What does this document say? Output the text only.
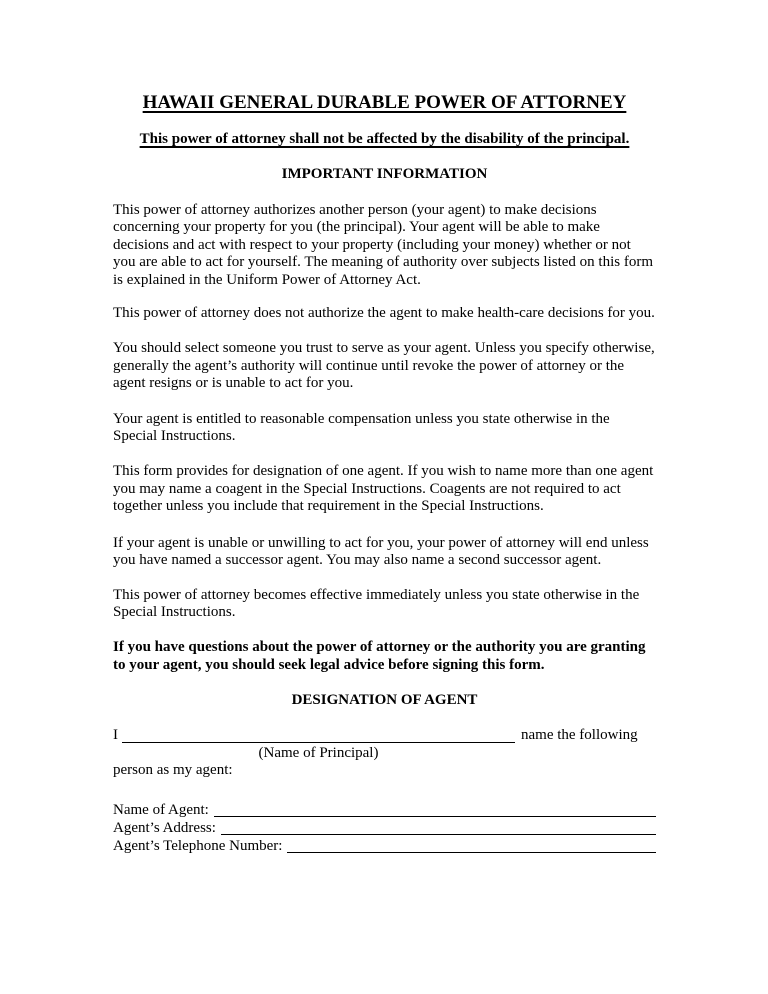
HAWAII GENERAL DURABLE POWER OF ATTORNEY
This power of attorney shall not be affected by the disability of the principal.
IMPORTANT INFORMATION

This power of attorney authorizes another person (your agent) to make decisions concerning your property for you (the principal). Your agent will be able to make decisions and act with respect to your property (including your money) whether or not you are able to act for yourself. The meaning of authority over subjects listed on this form is explained in the Uniform Power of Attorney Act.

This power of attorney does not authorize the agent to make health-care decisions for you.

You should select someone you trust to serve as your agent. Unless you specify otherwise, generally the agent’s authority will continue until revoke the power of attorney or the agent resigns or is unable to act for you.

Your agent is entitled to reasonable compensation unless you state otherwise in the Special Instructions.

This form provides for designation of one agent. If you wish to name more than one agent you may name a coagent in the Special Instructions. Coagents are not required to act together unless you include that requirement in the Special Instructions.

If your agent is unable or unwilling to act for you, your power of attorney will end unless you have named a successor agent. You may also name a second successor agent.

This power of attorney becomes effective immediately unless you state otherwise in the Special Instructions.

If you have questions about the power of attorney or the authority you are granting to your agent, you should seek legal advice before signing this form.

DESIGNATION OF AGENT
I	name the following
(Name of Principal)
person as my agent:
Name of Agent:
Agent’s Address:
Agent’s Telephone Number:
